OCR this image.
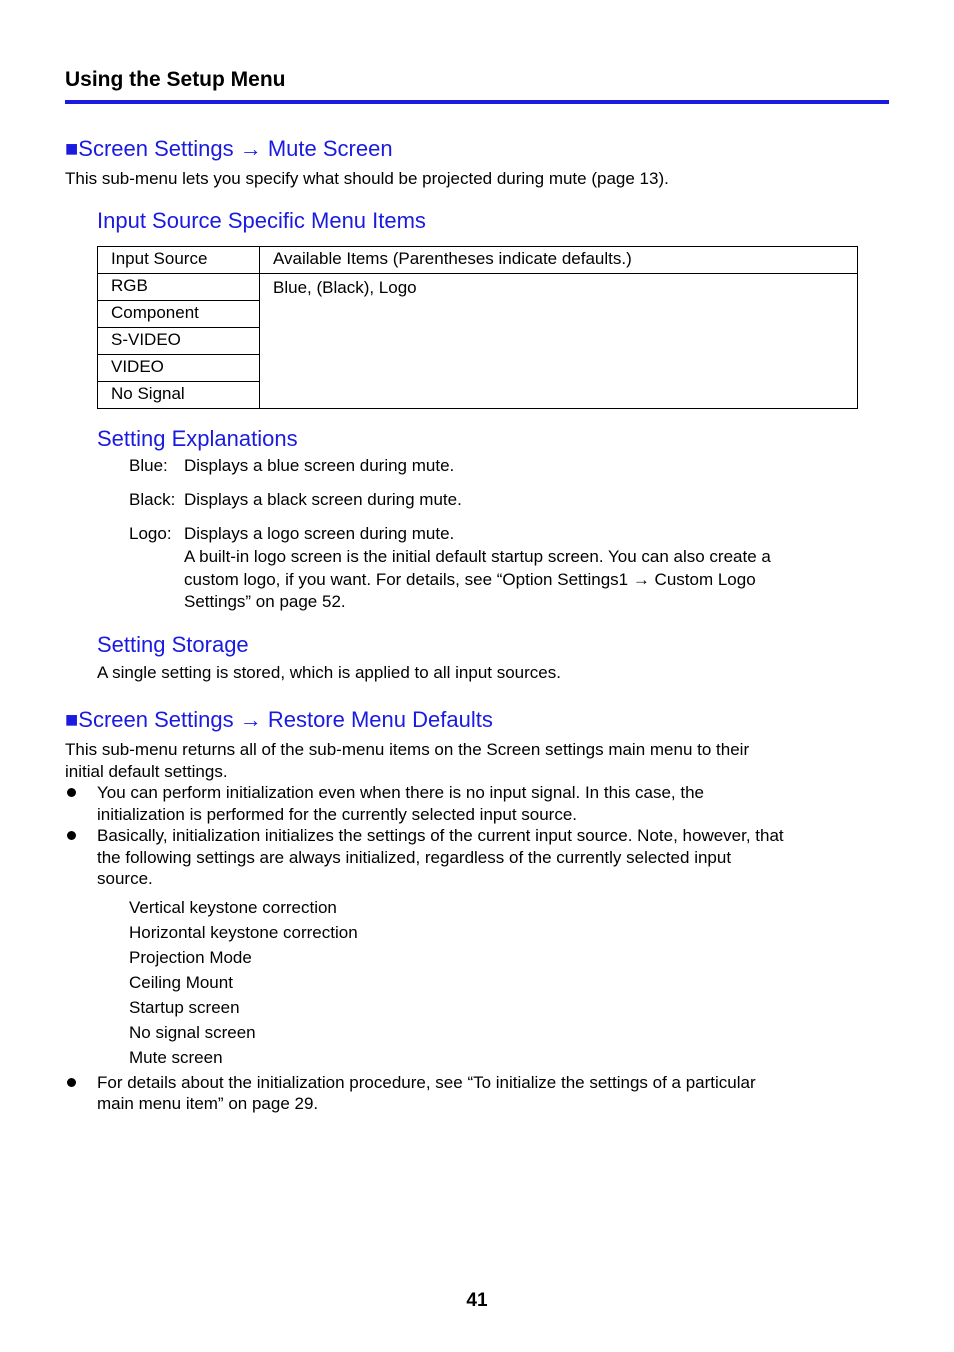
Using the Setup Menu
■Screen Settings → Mute Screen
This sub-menu lets you specify what should be projected during mute (page 13).
Input Source Specific Menu Items
Input Source	Available Items (Parentheses indicate defaults.)
RGB	Blue, (Black), Logo
Component	
S-VIDEO	
VIDEO	
No Signal	
Setting Explanations
Blue: Displays a blue screen during mute.
Black: Displays a black screen during mute.
Logo: Displays a logo screen during mute.
A built-in logo screen is the initial default startup screen. You can also create a
custom logo, if you want. For details, see “Option Settings1 → Custom Logo
Settings” on page 52.
Setting Storage
A single setting is stored, which is applied to all input sources.
■Screen Settings → Restore Menu Defaults
This sub-menu returns all of the sub-menu items on the Screen settings main menu to their
initial default settings.
You can perform initialization even when there is no input signal. In this case, the
initialization is performed for the currently selected input source.
Basically, initialization initializes the settings of the current input source. Note, however, that
the following settings are always initialized, regardless of the currently selected input
source.
Vertical keystone correction
Horizontal keystone correction
Projection Mode
Ceiling Mount
Startup screen
No signal screen
Mute screen
For details about the initialization procedure, see “To initialize the settings of a particular
main menu item” on page 29.
41
